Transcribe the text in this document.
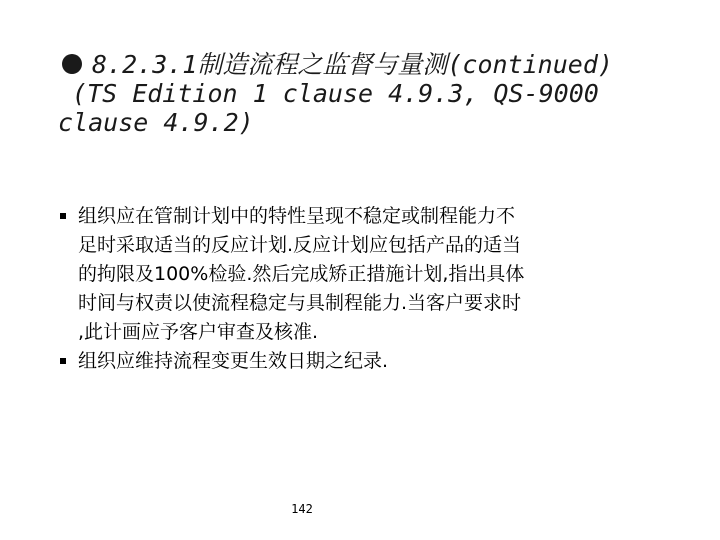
8.2.3.1制造流程之监督与量测(continued)
(TS Edition 1 clause 4.9.3, QS-9000
clause 4.9.2)
组织应在管制计划中的特性呈现不稳定或制程能力不
足时采取适当的反应计划.反应计划应包括产品的适当
的拘限及100%检验.然后完成矫正措施计划,指出具体
时间与权责以使流程稳定与具制程能力.当客户要求时
,此计画应予客户审查及核准.
组织应维持流程变更生效日期之纪录.
142
